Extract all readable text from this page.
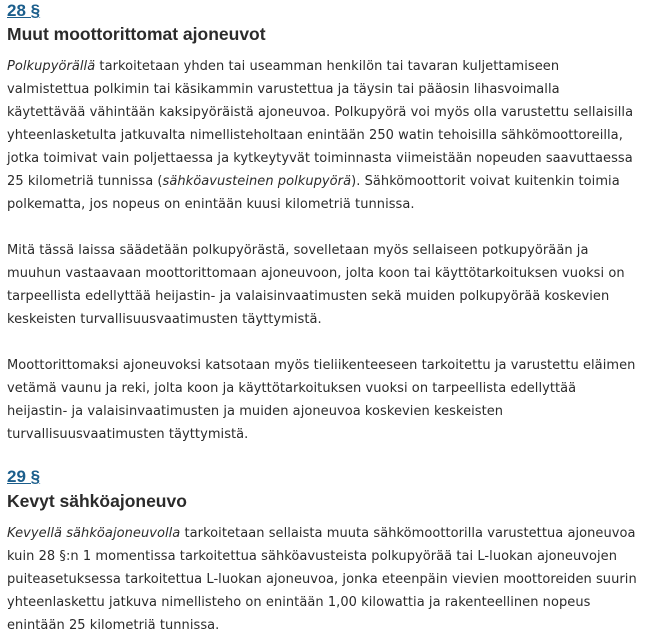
28 §
Muut moottorittomat ajoneuvot

Polkupyörällä tarkoitetaan yhden tai useamman henkilön tai tavaran kuljettamiseen valmistettua polkimin tai käsikammin varustettua ja täysin tai pääosin lihasvoimalla käytettävää vähintään kaksipyöräistä ajoneuvoa. Polkupyörä voi myös olla varustettu sellaisilla yhteenlasketulta jatkuvalta nimellisteholtaan enintään 250 watin tehoisilla sähkömoottoreilla, jotka toimivat vain poljettaessa ja kytkeytyvät toiminnasta viimeistään nopeuden saavuttaessa 25 kilometriä tunnissa (sähköavusteinen polkupyörä). Sähkömoottorit voivat kuitenkin toimia polkematta, jos nopeus on enintään kuusi kilometriä tunnissa.

Mitä tässä laissa säädetään polkupyörästä, sovelletaan myös sellaiseen potkupyörään ja muuhun vastaavaan moottorittomaan ajoneuvoon, jolta koon tai käyttötarkoituksen vuoksi on tarpeellista edellyttää heijastin- ja valaisinvaatimusten sekä muiden polkupyörää koskevien keskeisten turvallisuusvaatimusten täyttymistä.

Moottorittomaksi ajoneuvoksi katsotaan myös tieliikenteeseen tarkoitettu ja varustettu eläimen vetämä vaunu ja reki, jolta koon ja käyttötarkoituksen vuoksi on tarpeellista edellyttää heijastin- ja valaisinvaatimusten ja muiden ajoneuvoa koskevien keskeisten turvallisuusvaatimusten täyttymistä.

29 §
Kevyt sähköajoneuvo

Kevyellä sähköajoneuvolla tarkoitetaan sellaista muuta sähkömoottorilla varustettua ajoneuvoa kuin 28 §:n 1 momentissa tarkoitettua sähköavusteista polkupyörää tai L-luokan ajoneuvojen puiteasetuksessa tarkoitettua L-luokan ajoneuvoa, jonka eteenpäin vievien moottoreiden suurin yhteenlaskettu jatkuva nimellisteho on enintään 1,00 kilowattia ja rakenteellinen nopeus enintään 25 kilometriä tunnissa.
